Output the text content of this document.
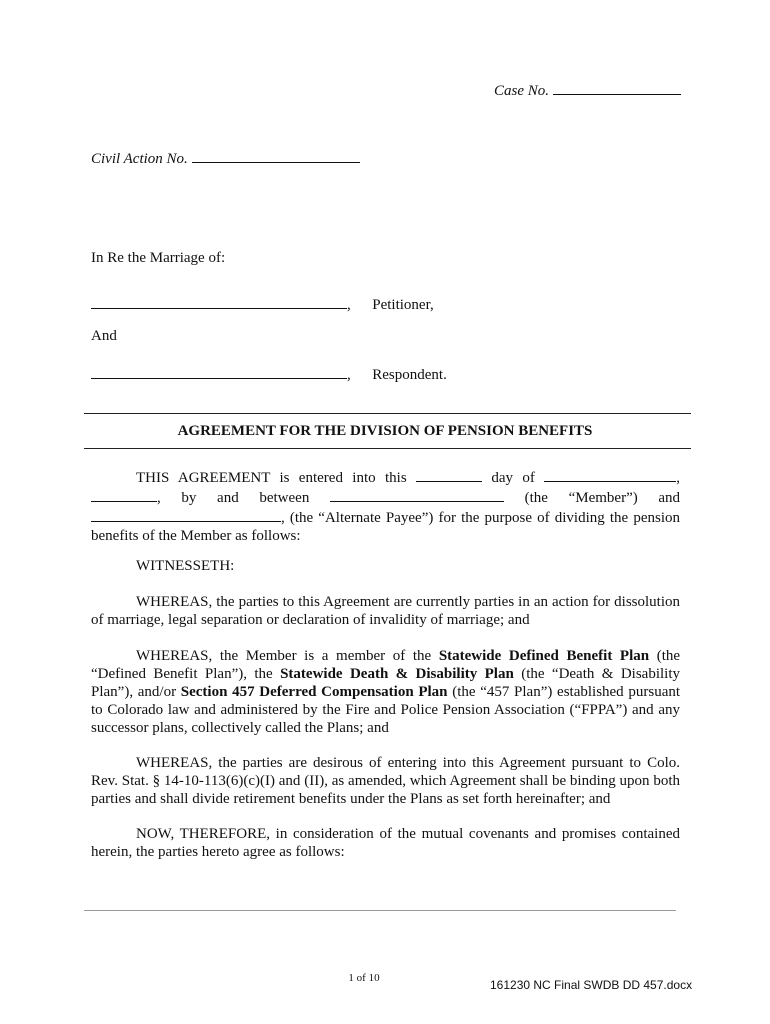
Case No.
Civil Action No.
In Re the Marriage of:
,  Petitioner,
And
,  Respondent.
AGREEMENT FOR THE DIVISION OF PENSION BENEFITS
THIS AGREEMENT is entered into this	day of	,
, by and between	(the “Member”) and
, (the “Alternate Payee”) for the purpose of dividing the pension benefits of the Member as follows:
WITNESSETH:
WHEREAS, the parties to this Agreement are currently parties in an action for dissolution of marriage, legal separation or declaration of invalidity of marriage; and
WHEREAS, the Member is a member of the Statewide Defined Benefit Plan (the “Defined Benefit Plan”), the Statewide Death & Disability Plan (the “Death & Disability Plan”), and/or Section 457 Deferred Compensation Plan (the “457 Plan”) established pursuant to Colorado law and administered by the Fire and Police Pension Association (“FPPA”) and any successor plans, collectively called the Plans; and
WHEREAS, the parties are desirous of entering into this Agreement pursuant to Colo. Rev. Stat. § 14-10-113(6)(c)(I) and (II), as amended, which Agreement shall be binding upon both parties and shall divide retirement benefits under the Plans as set forth hereinafter; and
NOW, THEREFORE, in consideration of the mutual covenants and promises contained herein, the parties hereto agree as follows:
1 of 10	161230 NC Final SWDB DD 457.docx
